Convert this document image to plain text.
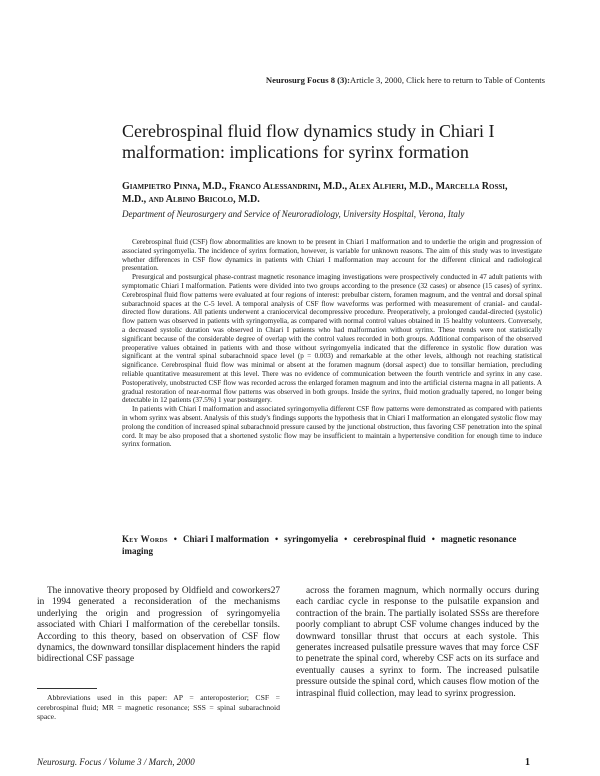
Neurosurg Focus 8 (3):Article 3, 2000, Click here to return to Table of Contents
Cerebrospinal fluid flow dynamics study in Chiari I malformation: implications for syrinx formation

Giampietro Pinna, M.D., Franco Alessandrini, M.D., Alex Alfieri, M.D., Marcella Rossi, M.D., and Albino Bricolo, M.D.

Department of Neurosurgery and Service of Neuroradiology, University Hospital, Verona, Italy

Cerebrospinal fluid (CSF) flow abnormalities are known to be present in Chiari I malformation and to underlie the origin and progression of associated syringomyelia. The incidence of syrinx formation, however, is variable for unknown reasons. The aim of this study was to investigate whether differences in CSF flow dynamics in patients with Chiari I malformation may account for the different clinical and radiological presentation.

Presurgical and postsurgical phase-contrast magnetic resonance imaging investigations were prospectively conducted in 47 adult patients with symptomatic Chiari I malformation. Patients were divided into two groups according to the presence (32 cases) or absence (15 cases) of syrinx. Cerebrospinal fluid flow patterns were evaluated at four regions of interest: prebulbar cistern, foramen magnum, and the ventral and dorsal spinal subarachnoid spaces at the C-5 level. A temporal analysis of CSF flow waveforms was performed with measurement of cranial- and caudal-directed flow durations. All patients underwent a craniocervical decompressive procedure. Preoperatively, a prolonged caudal-directed (systolic) flow pattern was observed in patients with syringomyelia, as compared with normal control values obtained in 15 healthy volunteers. Conversely, a decreased systolic duration was observed in Chiari I patients who had malformation without syrinx. These trends were not statistically significant because of the considerable degree of overlap with the control values recorded in both groups. Additional comparison of the observed preoperative values obtained in patients with and those without syringomyelia indicated that the difference in systolic flow duration was significant at the ventral spinal subarachnoid space level (p = 0.003) and remarkable at the other levels, although not reaching statistical significance. Cerebrospinal fluid flow was minimal or absent at the foramen magnum (dorsal aspect) due to tonsillar herniation, precluding reliable quantitative measurement at this level. There was no evidence of communication between the fourth ventricle and syrinx in any case. Postoperatively, unobstructed CSF flow was recorded across the enlarged foramen magnum and into the artificial cisterna magna in all patients. A gradual restoration of near-normal flow patterns was observed in both groups. Inside the syrinx, fluid motion gradually tapered, no longer being detectable in 12 patients (37.5%) 1 year postsurgery.

In patients with Chiari I malformation and associated syringomyelia different CSF flow patterns were demonstrated as compared with patients in whom syrinx was absent. Analysis of this study's findings supports the hypothesis that in Chiari I malformation an elongated systolic flow may prolong the condition of increased spinal subarachnoid pressure caused by the junctional obstruction, thus favoring CSF penetration into the spinal cord. It may be also proposed that a shortened systolic flow may be insufficient to maintain a hypertensive condition for enough time to induce syrinx formation.

Key Words • Chiari I malformation • syringomyelia • cerebrospinal fluid • magnetic resonance imaging

The innovative theory proposed by Oldfield and coworkers27 in 1994 generated a reconsideration of the mechanisms underlying the origin and progression of syringomyelia associated with Chiari I malformation of the cerebellar tonsils. According to this theory, based on observation of CSF flow dynamics, the downward tonsillar displacement hinders the rapid bidirectional CSF passage

across the foramen magnum, which normally occurs during each cardiac cycle in response to the pulsatile expansion and contraction of the brain. The partially isolated SSSs are therefore poorly compliant to abrupt CSF volume changes induced by the downward tonsillar thrust that occurs at each systole. This generates increased pulsatile pressure waves that may force CSF to penetrate the spinal cord, whereby CSF acts on its surface and eventually causes a syrinx to form. The increased pulsatile pressure outside the spinal cord, which causes flow motion of the intraspinal fluid collection, may lead to syrinx progression.

Abbreviations used in this paper: AP = anteroposterior; CSF = cerebrospinal fluid; MR = magnetic resonance; SSS = spinal subarachnoid space.

Neurosurg. Focus / Volume 3 / March, 2000	1
